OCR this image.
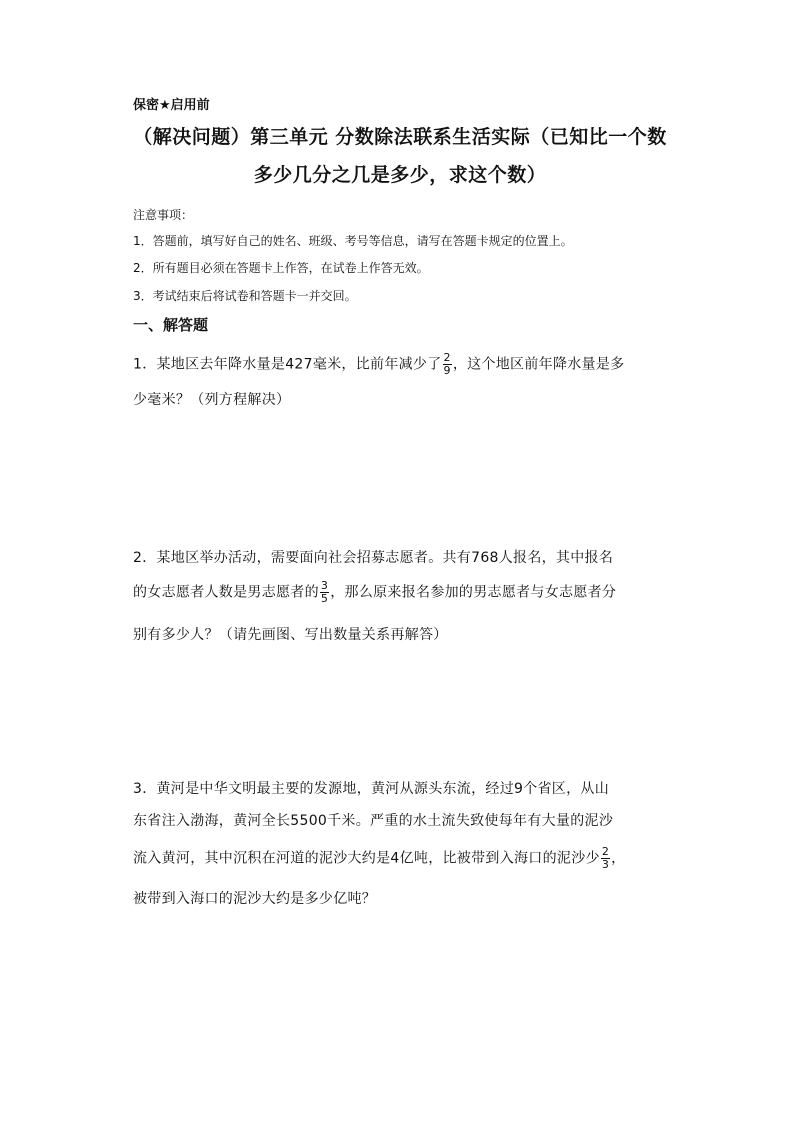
保密★启用前
（解决问题）第三单元 分数除法联系生活实际（已知比一个数
多少几分之几是多少，求这个数）
注意事项：
1．答题前，填写好自己的姓名、班级、考号等信息，请写在答题卡规定的位置上。
2．所有题目必须在答题卡上作答，在试卷上作答无效。
3．考试结束后将试卷和答题卡一并交回。
一、解答题
1．某地区去年降水量是427毫米，比前年减少了 $\frac{2}{9}$ ，这个地区前年降水量是多
少毫米？（列方程解决）
2．某地区举办活动，需要面向社会招募志愿者。共有768人报名，其中报名
的女志愿者人数是男志愿者的 $\frac{3}{5}$ ，那么原来报名参加的男志愿者与女志愿者分
别有多少人？（请先画图、写出数量关系再解答）
3．黄河是中华文明最主要的发源地，黄河从源头东流，经过9个省区，从山
东省注入渤海，黄河全长5500千米。严重的水土流失致使每年有大量的泥沙
流入黄河，其中沉积在河道的泥沙大约是4亿吨，比被带到入海口的泥沙少 $\frac{2}{3}$ ，
被带到入海口的泥沙大约是多少亿吨？
